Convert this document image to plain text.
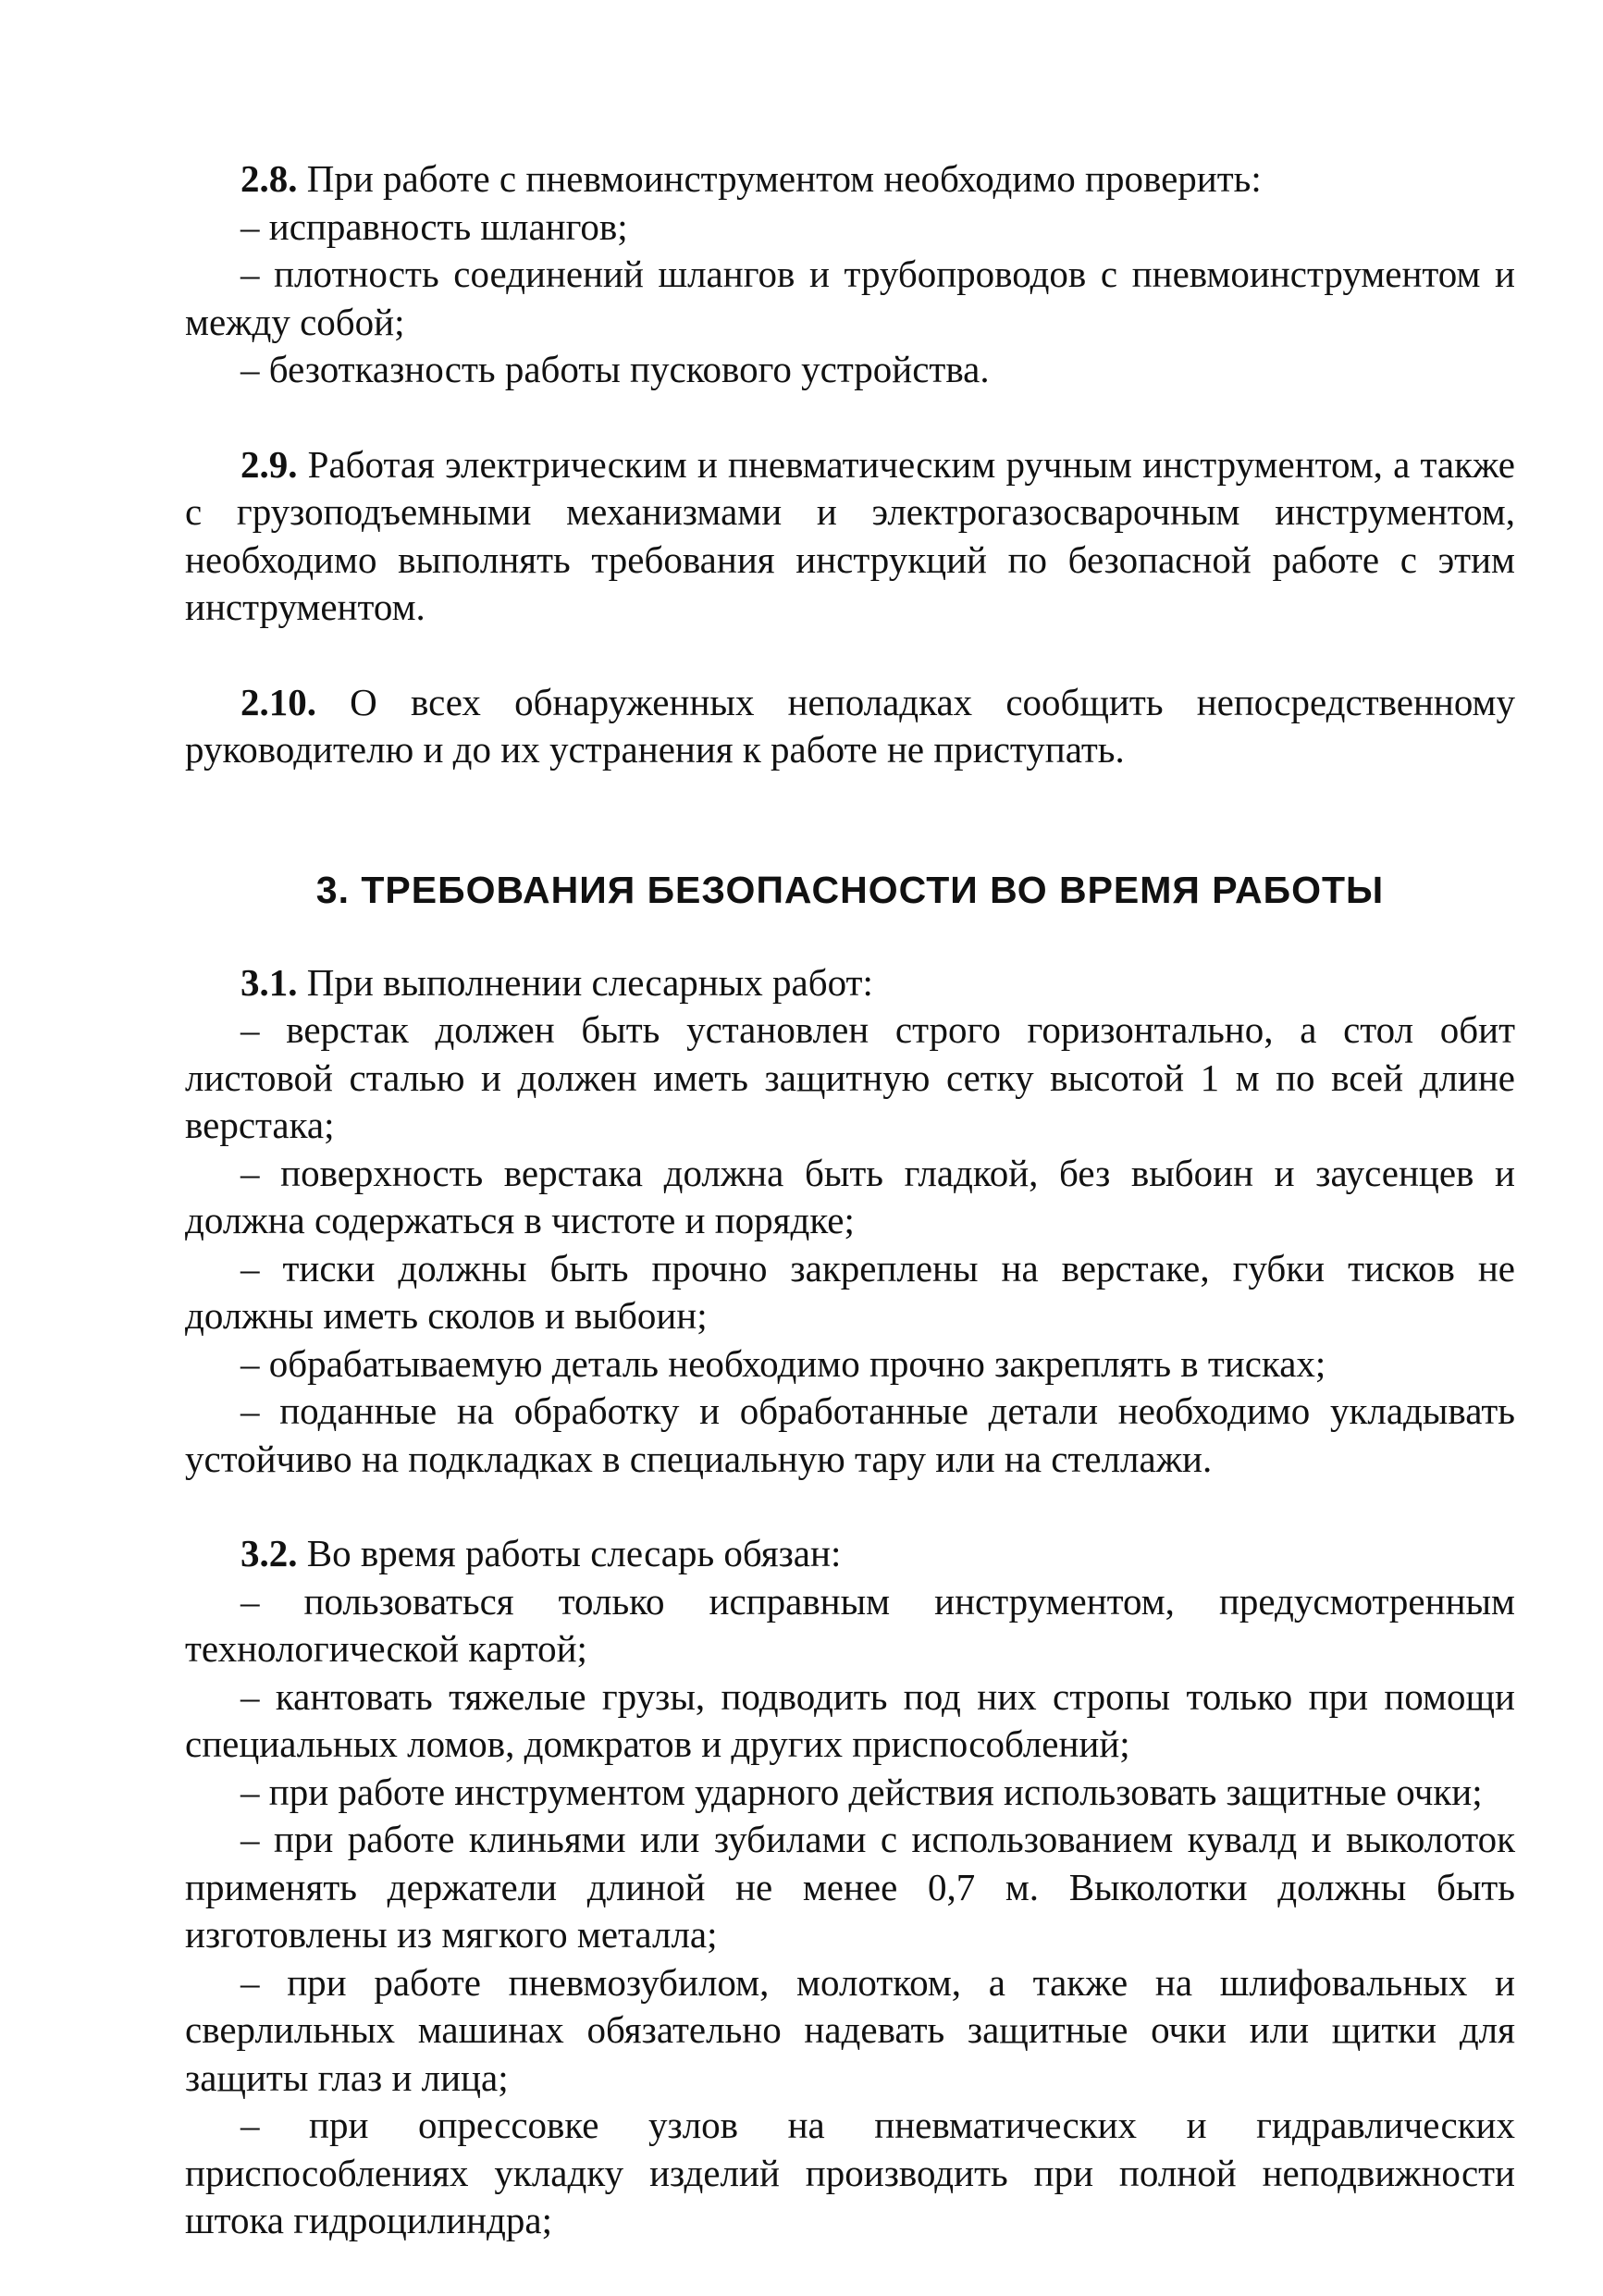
2.8. При работе с пневмоинструментом необходимо проверить:

– исправность шлангов;

– плотность соединений шлангов и трубопроводов с пневмоинструментом и между собой;

– безотказность работы пускового устройства.

2.9. Работая электрическим и пневматическим ручным инструментом, а также с грузоподъемными механизмами и электрогазосварочным инструментом, необходимо выполнять требования инструкций по безопасной работе с этим инструментом.

2.10. О всех обнаруженных неполадках сообщить непосредственному руководителю и до их устранения к работе не приступать.

3. ТРЕБОВАНИЯ БЕЗОПАСНОСТИ ВО ВРЕМЯ РАБОТЫ

3.1. При выполнении слесарных работ:

– верстак должен быть установлен строго горизонтально, а стол обит листовой сталью и должен иметь защитную сетку высотой 1 м по всей длине верстака;

– поверхность верстака должна быть гладкой, без выбоин и заусенцев и должна содержаться в чистоте и порядке;

– тиски должны быть прочно закреплены на верстаке, губки тисков не должны иметь сколов и выбоин;

– обрабатываемую деталь необходимо прочно закреплять в тисках;

– поданные на обработку и обработанные детали необходимо укладывать устойчиво на подкладках в специальную тару или на стеллажи.

3.2. Во время работы слесарь обязан:

– пользоваться только исправным инструментом, предусмотренным технологической картой;

– кантовать тяжелые грузы, подводить под них стропы только при помощи специальных ломов, домкратов и других приспособлений;

– при работе инструментом ударного действия использовать защитные очки;

– при работе клиньями или зубилами с использованием кувалд и выколоток применять держатели длиной не менее 0,7 м. Выколотки должны быть изготовлены из мягкого металла;

– при работе пневмозубилом, молотком, а также на шлифовальных и сверлильных машинах обязательно надевать защитные очки или щитки для защиты глаз и лица;

– при опрессовке узлов на пневматических и гидравлических приспособлениях укладку изделий производить при полной неподвижности штока гидроцилиндра;
